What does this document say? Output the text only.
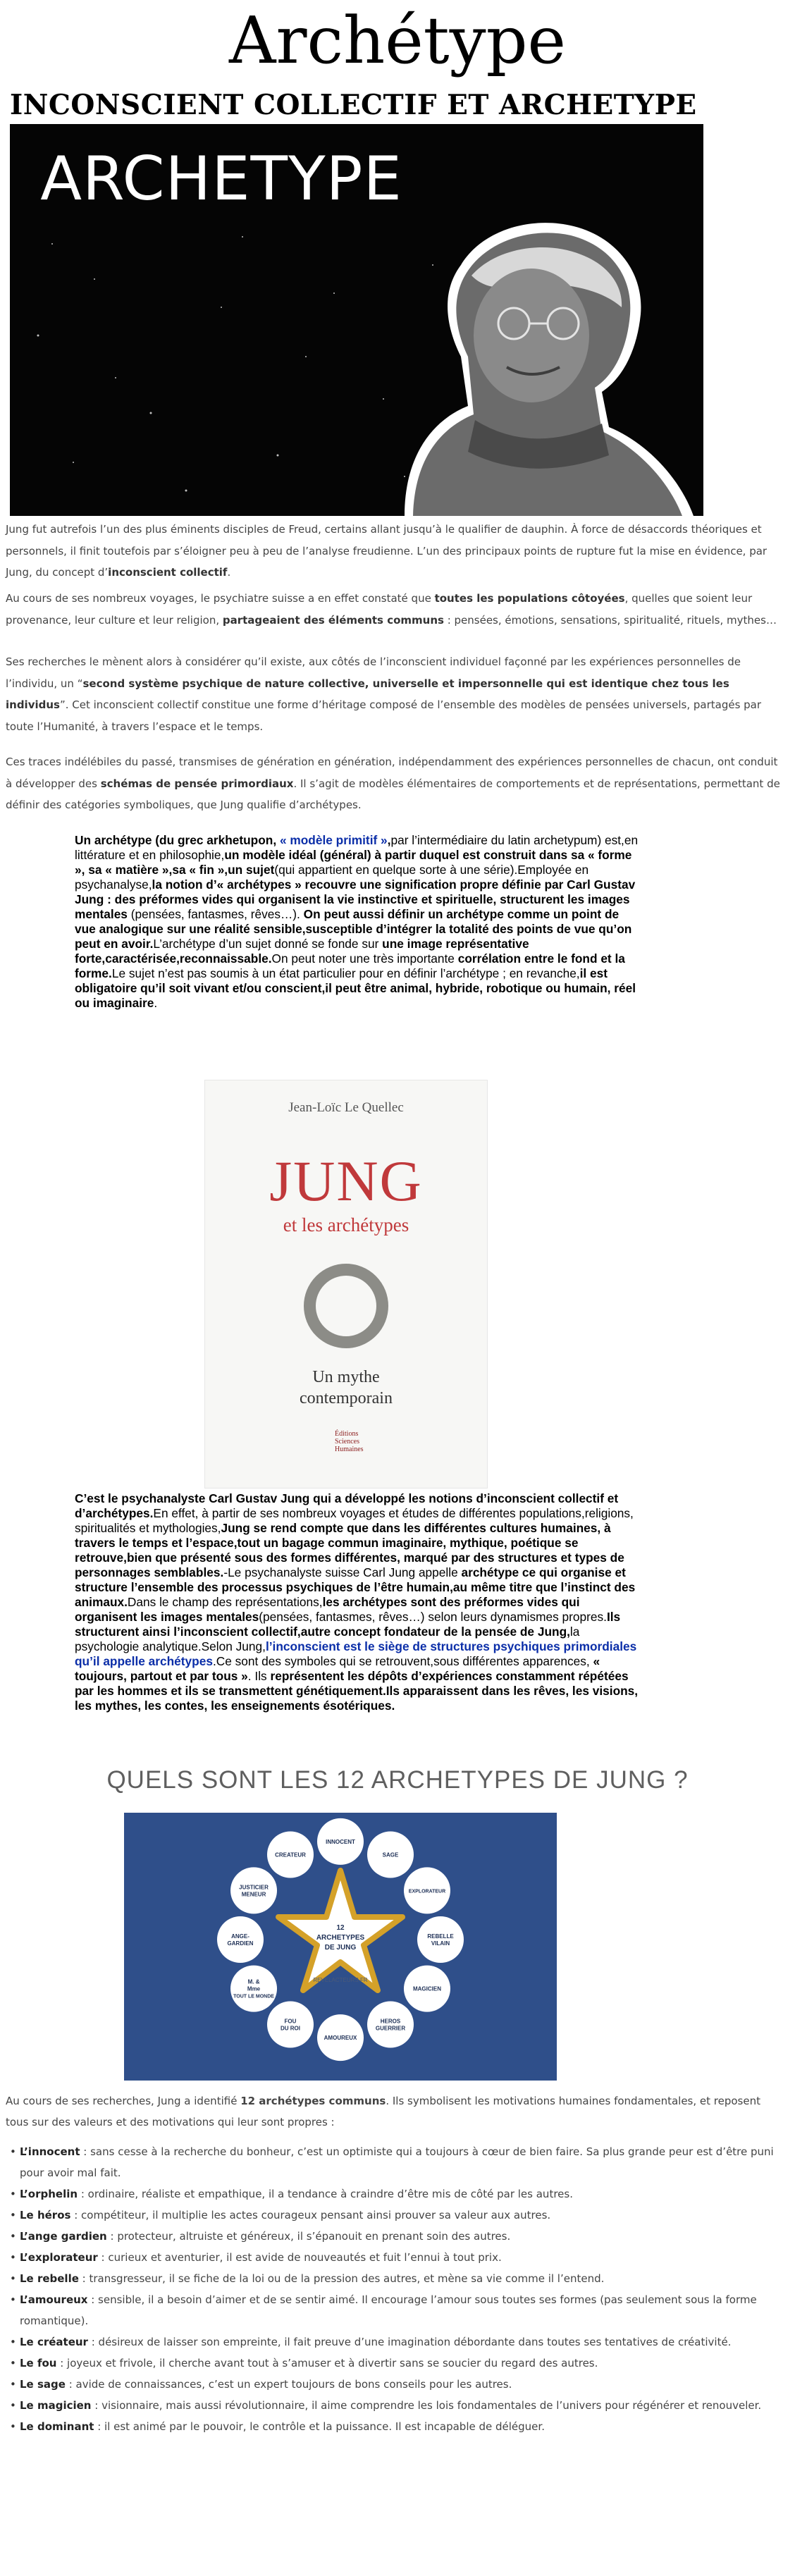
Archétype
INCONSCIENT COLLECTIF ET ARCHETYPE
ARCHETYPE

Jung fut autrefois l’un des plus éminents disciples de Freud, certains allant jusqu’à le qualifier de dauphin. À force de désaccords théoriques et personnels, il finit toutefois par s’éloigner peu à peu de l’analyse freudienne. L’un des principaux points de rupture fut la mise en évidence, par Jung, du concept d’inconscient collectif.

Au cours de ses nombreux voyages, le psychiatre suisse a en effet constaté que toutes les populations côtoyées, quelles que soient leur provenance, leur culture et leur religion, partageaient des éléments communs : pensées, émotions, sensations, spiritualité, rituels, mythes…

Ses recherches le mènent alors à considérer qu’il existe, aux côtés de l’inconscient individuel façonné par les expériences personnelles de l’individu, un “second système psychique de nature collective, universelle et impersonnelle qui est identique chez tous les individus”. Cet inconscient collectif constitue une forme d’héritage composé de l’ensemble des modèles de pensées universels, partagés par toute l’Humanité, à travers l’espace et le temps.

Ces traces indélébiles du passé, transmises de génération en génération, indépendamment des expériences personnelles de chacun, ont conduit à développer des schémas de pensée primordiaux. Il s’agit de modèles élémentaires de comportements et de représentations, permettant de définir des catégories symboliques, que Jung qualifie d’archétypes.

Un archétype (du grec arkhetupon, « modèle primitif »,par l’intermédiaire du latin archetypum) est,en littérature et en philosophie,un modèle idéal (général) à partir duquel est construit dans sa « forme », sa « matière »,sa « fin »,un sujet(qui appartient en quelque sorte à une série).Employée en psychanalyse,la notion d’« archétypes » recouvre une signification propre définie par Carl Gustav Jung : des préformes vides qui organisent la vie instinctive et spirituelle, structurent les images mentales (pensées, fantasmes, rêves…). On peut aussi définir un archétype comme un point de vue analogique sur une réalité sensible,susceptible d’intégrer la totalité des points de vue qu’on peut en avoir.L’archétype d’un sujet donné se fonde sur une image représentative forte,caractérisée,reconnaissable.On peut noter une très importante corrélation entre le fond et la forme.Le sujet n’est pas soumis à un état particulier pour en définir l’archétype ; en revanche,il est obligatoire qu’il soit vivant et/ou conscient,il peut être animal, hybride, robotique ou humain, réel ou imaginaire.

Jean-Loïc Le Quellec
JUNG
et les archétypes
Un mythe
contemporain
Éditions
Sciences
Humaines

C’est le psychanalyste Carl Gustav Jung qui a développé les notions d’inconscient collectif et d’archétypes.En effet, à partir de ses nombreux voyages et études de différentes populations,religions, spiritualités et mythologies,Jung se rend compte que dans les différentes cultures humaines, à travers le temps et l’espace,tout un bagage commun imaginaire, mythique, poétique se retrouve,bien que présenté sous des formes différentes, marqué par des structures et types de personnages semblables.-Le psychanalyste suisse Carl Jung appelle archétype ce qui organise et structure l’ensemble des processus psychiques de l’être humain,au même titre que l’instinct des animaux.Dans le champ des représentations,les archétypes sont des préformes vides qui organisent les images mentales(pensées, fantasmes, rêves…) selon leurs dynamismes propres.Ils structurent ainsi l’inconscient collectif,autre concept fondateur de la pensée de Jung,la psychologie analytique.Selon Jung,l’inconscient est le siège de structures psychiques primordiales qu’il appelle archétypes.Ce sont des symboles qui se retrouvent,sous différentes apparences, « toujours, partout et par tous ». Ils représentent les dépôts d’expériences constamment répétées par les hommes et ils se transmettent génétiquement.Ils apparaissent dans les rêves, les visions, les mythes, les contes, les enseignements ésotériques.

QUELS SONT LES 12 ARCHETYPES DE JUNG ?
12
ARCHETYPES
DE JUNG
REVELACTEURS.FR
INNOCENT
SAGE
EXPLORATEUR
REBELLE
VILAIN
MAGICIEN
HEROS
GUERRIER
AMOUREUX
FOU
DU ROI
M. &
Mme
TOUT LE MONDE
ANGE-
GARDIEN
JUSTICIER
MENEUR
CREATEUR

Au cours de ses recherches, Jung a identifié 12 archétypes communs. Ils symbolisent les motivations humaines fondamentales, et reposent tous sur des valeurs et des motivations qui leur sont propres :

• L’innocent : sans cesse à la recherche du bonheur, c’est un optimiste qui a toujours à cœur de bien faire. Sa plus grande peur est d’être puni pour avoir mal fait.
• L’orphelin : ordinaire, réaliste et empathique, il a tendance à craindre d’être mis de côté par les autres.
• Le héros : compétiteur, il multiplie les actes courageux pensant ainsi prouver sa valeur aux autres.
• L’ange gardien : protecteur, altruiste et généreux, il s’épanouit en prenant soin des autres.
• L’explorateur : curieux et aventurier, il est avide de nouveautés et fuit l’ennui à tout prix.
• Le rebelle : transgresseur, il se fiche de la loi ou de la pression des autres, et mène sa vie comme il l’entend.
• L’amoureux : sensible, il a besoin d’aimer et de se sentir aimé. Il encourage l’amour sous toutes ses formes (pas seulement sous la forme romantique).
• Le créateur : désireux de laisser son empreinte, il fait preuve d’une imagination débordante dans toutes ses tentatives de créativité.
• Le fou : joyeux et frivole, il cherche avant tout à s’amuser et à divertir sans se soucier du regard des autres.
• Le sage : avide de connaissances, c’est un expert toujours de bons conseils pour les autres.
• Le magicien : visionnaire, mais aussi révolutionnaire, il aime comprendre les lois fondamentales de l’univers pour régénérer et renouveler.
• Le dominant : il est animé par le pouvoir, le contrôle et la puissance. Il est incapable de déléguer.
